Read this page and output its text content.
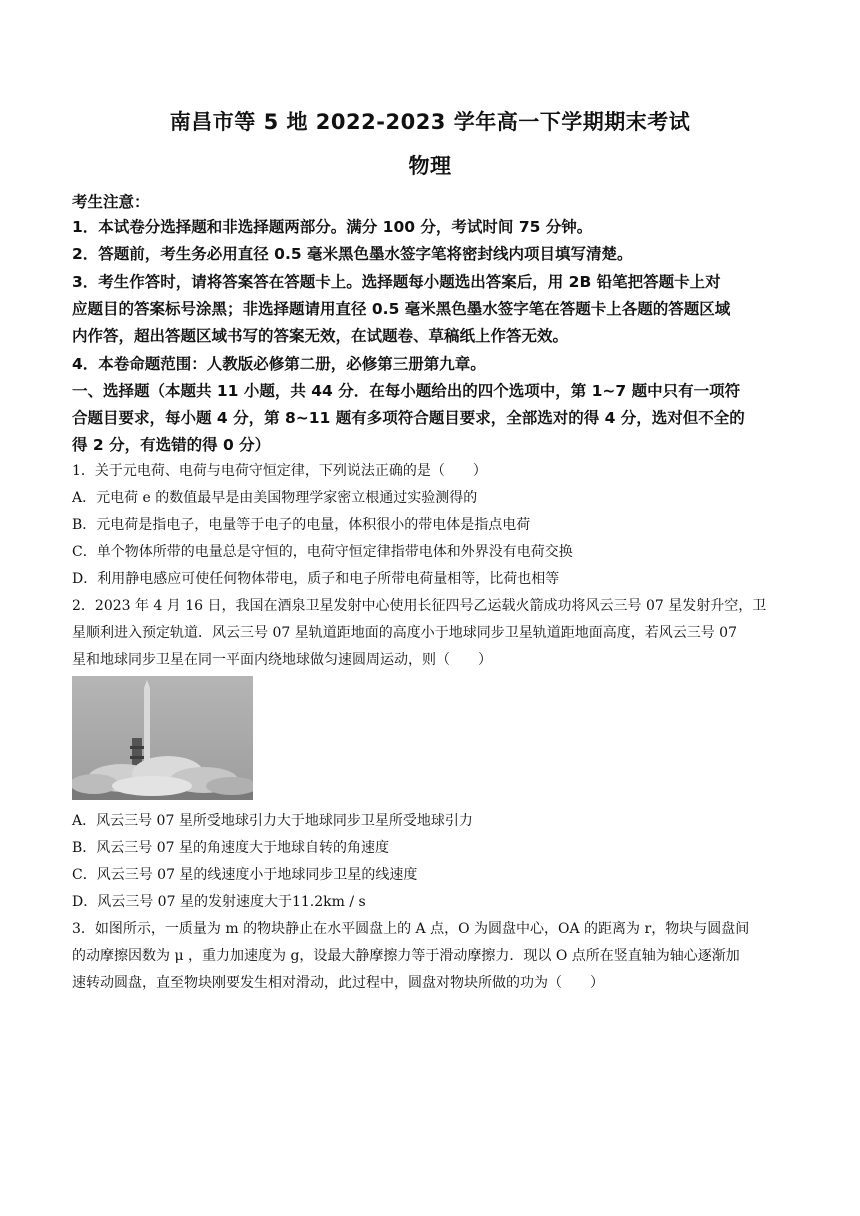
南昌市等 5 地 2022-2023 学年高一下学期期末考试
物理
考生注意：
1．本试卷分选择题和非选择题两部分。满分 100 分，考试时间 75 分钟。
2．答题前，考生务必用直径 0.5 毫米黑色墨水签字笔将密封线内项目填写清楚。
3．考生作答时，请将答案答在答题卡上。选择题每小题选出答案后，用 2B 铅笔把答题卡上对
应题目的答案标号涂黑；非选择题请用直径 0.5 毫米黑色墨水签字笔在答题卡上各题的答题区域
内作答，超出答题区域书写的答案无效，在试题卷、草稿纸上作答无效。
4．本卷命题范围：人教版必修第二册，必修第三册第九章。
一、选择题（本题共 11 小题，共 44 分．在每小题给出的四个选项中，第 1~7 题中只有一项符
合题目要求，每小题 4 分，第 8~11 题有多项符合题目要求，全部选对的得 4 分，选对但不全的
得 2 分，有选错的得 0 分）
1．关于元电荷、电荷与电荷守恒定律，下列说法正确的是（　　）
A．元电荷 e 的数值最早是由美国物理学家密立根通过实验测得的
B．元电荷是指电子，电量等于电子的电量，体积很小的带电体是指点电荷
C．单个物体所带的电量总是守恒的，电荷守恒定律指带电体和外界没有电荷交换
D．利用静电感应可使任何物体带电，质子和电子所带电荷量相等，比荷也相等
2．2023 年 4 月 16 日，我国在酒泉卫星发射中心使用长征四号乙运载火箭成功将风云三号 07 星发射升空，卫
星顺利进入预定轨道．风云三号 07 星轨道距地面的高度小于地球同步卫星轨道距地面高度，若风云三号 07
星和地球同步卫星在同一平面内绕地球做匀速圆周运动，则（　　）
A．风云三号 07 星所受地球引力大于地球同步卫星所受地球引力
B．风云三号 07 星的角速度大于地球自转的角速度
C．风云三号 07 星的线速度小于地球同步卫星的线速度
D．风云三号 07 星的发射速度大于11.2km / s
3．如图所示，一质量为 m 的物块静止在水平圆盘上的 A 点，O 为圆盘中心，OA 的距离为 r，物块与圆盘间
的动摩擦因数为 μ ，重力加速度为 g，设最大静摩擦力等于滑动摩擦力．现以 O 点所在竖直轴为轴心逐渐加
速转动圆盘，直至物块刚要发生相对滑动，此过程中，圆盘对物块所做的功为（　　）
